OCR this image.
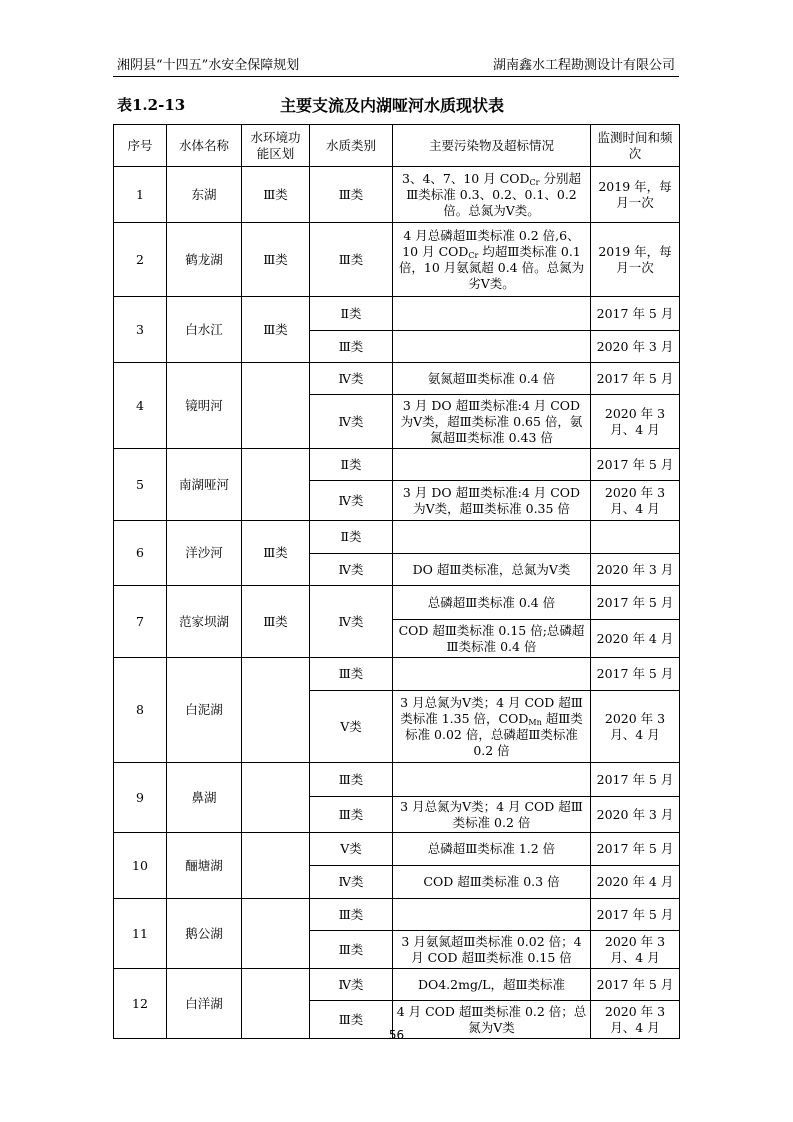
湘阴县“十四五”水安全保障规划	湖南鑫水工程勘测设计有限公司
表1.2-13	主要支流及内湖哑河水质现状表
序号	水体名称	水环境功能区划	水质类别	主要污染物及超标情况	监测时间和频次
1	东湖	Ⅲ类	Ⅲ类	3、4、7、10 月 $COD_{Cr}$ 分别超Ⅲ类标准 0.3、0.2、0.1、0.2 倍。总氮为Ⅴ类。	2019 年，每月一次
2	鹤龙湖	Ⅲ类	Ⅲ类	4 月总磷超Ⅲ类标准 0.2 倍,6、10 月 $COD_{Cr}$ 均超Ⅲ类标准 0.1 倍，10 月氨氮超 0.4 倍。总氮为劣Ⅴ类。	2019 年，每月一次
3	白水江	Ⅲ类	Ⅱ类		2017 年 5 月
			Ⅲ类		2020 年 3 月
4	镜明河		Ⅳ类	氨氮超Ⅲ类标准 0.4 倍	2017 年 5 月
			Ⅳ类	3 月 DO 超Ⅲ类标准:4 月 COD 为Ⅴ类，超Ⅲ类标准 0.65 倍，氨氮超Ⅲ类标准 0.43 倍	2020 年 3 月、4 月
5	南湖哑河		Ⅱ类		2017 年 5 月
			Ⅳ类	3 月 DO 超Ⅲ类标准:4 月 COD 为Ⅴ类，超Ⅲ类标准 0.35 倍	2020 年 3 月、4 月
6	洋沙河	Ⅲ类	Ⅱ类		
			Ⅳ类	DO 超Ⅲ类标准，总氮为Ⅴ类	2020 年 3 月
7	范家坝湖	Ⅲ类	Ⅳ类	总磷超Ⅲ类标准 0.4 倍	2017 年 5 月
				COD 超Ⅲ类标准 0.15 倍;总磷超Ⅲ类标准 0.4 倍	2020 年 4 月
8	白泥湖		Ⅲ类		2017 年 5 月
			Ⅴ类	3 月总氮为Ⅴ类；4 月 COD 超Ⅲ类标准 1.35 倍，$COD_{Mn}$ 超Ⅲ类标准 0.02 倍，总磷超Ⅲ类标准 0.2 倍	2020 年 3 月、4 月
9	鼻湖		Ⅲ类		2017 年 5 月
			Ⅲ类	3 月总氮为Ⅴ类；4 月 COD 超Ⅲ类标准 0.2 倍	2020 年 3 月
10	酾塘湖		Ⅴ类	总磷超Ⅲ类标准 1.2 倍	2017 年 5 月
			Ⅳ类	COD 超Ⅲ类标准 0.3 倍	2020 年 4 月
11	鹅公湖		Ⅲ类		2017 年 5 月
			Ⅲ类	3 月氨氮超Ⅲ类标准 0.02 倍；4 月 COD 超Ⅲ类标准 0.15 倍	2020 年 3 月、4 月
12	白洋湖		Ⅳ类	DO4.2mg/L，超Ⅲ类标准	2017 年 5 月
			Ⅲ类	4 月 COD 超Ⅲ类标准 0.2 倍；总氮为Ⅴ类	2020 年 3 月、4 月
56
